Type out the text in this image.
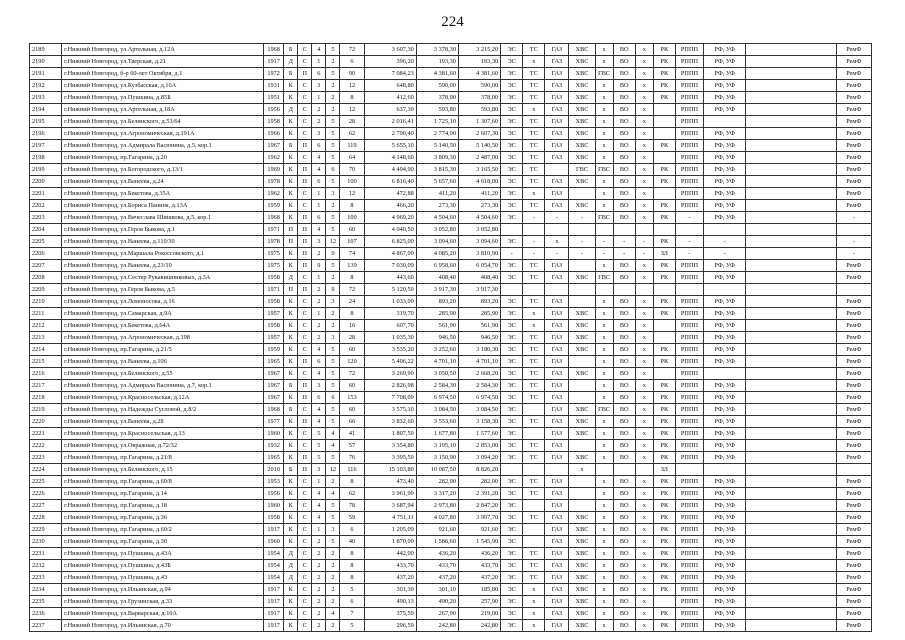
224
2189	г.Нижний Новгород, ул.Артельная, д.12А	1968	Б	С	4	5	72	3 607,30	3 378,30	3 215,20	ЭС	ТС	ГАЗ	ХВС	х	ВО	х	РК	РППП	РФ, УФ		РемФ
2190	г.Нижний Новгород, ул.Тверская, д.21	1917	Д	С	1	2	6	396,20	193,30	193,30	ЭС	х	ГАЗ	ХВС	х	ВО	х	РК	РППП	РФ, УФ		РемФ
2191	г.Нижний Новгород, б-р 60-лет Октября, д.1	1972	Б	П	6	5	90	7 084,23	4 381,60	4 381,60	ЭС	ТС	ГАЗ	ХВС	ГВС	ВО	х	РК	РППП	РФ, УФ		РемФ
2192	г.Нижний Новгород, ул.Кузбасская, д.10А	1931	К	С	3	2	12	648,80	590,00	590,00	ЭС	ТС	ГАЗ	ХВС	х	ВО	х	РК	РППП	РФ, УФ		РемФ
2193	г.Нижний Новгород, ул.Пушкина, д.85Б	1951	К	С	1	2	8	412,60	378,00	378,00	ЭС	ТС	ГАЗ	ХВС	х	ВО	х	РК	РППП	РФ, УФ		РемФ
2194	г.Нижний Новгород, ул.Артельная, д.18А	1956	Д	С	2	2	12	637,30	593,80	593,80	ЭС	х	ГАЗ	ХВС	х	ВО	х		РППП	РФ, УФ		РемФ
2195	г.Нижний Новгород, ул.Белинского, д.53/64	1958	К	С	2	5	28	2 016,41	1 725,10	1 307,60	ЭС	ТС	ГАЗ	ХВС	х	ВО	х		РППП			РемФ
2196	г.Нижний Новгород, ул.Агрономическая, д.191А	1966	К	С	3	5	62	2 790,40	2 774,90	2 607,30	ЭС	ТС	ГАЗ	ХВС	х	ВО	х		РППП	РФ, УФ		РемФ
2197	г.Нижний Новгород, ул.Адмирала Васюнина, д.5, кор.1	1967	Б	П	6	5	119	5 655,10	5 140,50	5 140,50	ЭС	ТС	ГАЗ	ХВС	х	ВО	х	РК	РППП	РФ, УФ		РемФ
2198	г.Нижний Новгород, пр.Гагарина, д.20	1962	К	С	4	5	64	4 148,60	3 809,30	2 487,00	ЭС	ТС	ГАЗ	ХВС	х	ВО	х		РППП	РФ, УФ		РемФ
2199	г.Нижний Новгород, ул.Богородского, д.13/1	1969	К	П	4	6	70	4 494,90	3 815,30	3 165,50	ЭС	ТС		ГВС	ГВС	ВО	х	РК	РППП	РФ, УФ		РемФ
2200	г.Нижний Новгород, ул.Ванеева, д.24	1978	К	П	6	5	100	6 816,40	5 657,60	4 618,00	ЭС	ТС	ГАЗ	ХВС	х	ВО	х	РК	РППП	РФ, УФ		РемФ
2201	г.Нижний Новгород, ул.Бекетова, д.35А	1962	К	С	1	3	12	472,88	411,20	411,20	ЭС	х	ГАЗ		х	ВО	х		РППП	РФ, УФ		РемФ
2202	г.Нижний Новгород, ул.Бориса Панина, д.13А	1959	К	С	1	2	8	466,20	273,30	273,30	ЭС	ТС	ГАЗ	ХВС	х	ВО	х	РК	РППП	РФ, УФ		РемФ
2203	г.Нижний Новгород, ул.Вячеслава Шишкова, д.5, кор.1	1968	К	П	6	5	100	4 969,20	4 504,60	4 504,60	ЭС	-	-	-	ГВС	ВО	х	РК	-	РФ, УФ		-
2204	г.Нижний Новгород, ул.Героя Быкова, д.1	1971	П	П	4	5	60	4 040,50	3 052,80	3 052,80												
2205	г.Нижний Новгород, ул.Ванеева, д.110/30	1978	П	П	3	12	107	6 825,00	3 094,60	3 094,60	ЭС	-	х	-	-	-	-	РК	-	-		-
2206	г.Нижний Новгород, ул.Маршала Рокоссовского, д.1	1975	К	П	2	9	74	4 867,00	4 085,20	3 810,90	-	-	-	-	-	-	-	ЗЛ	-	-		-
2207	г.Нижний Новгород, ул.Ванеева, д.23/10	1975	К	П	9	5	139	7 030,09	6 958,60	6 054,70	ЭС	ТС	ГАЗ		х	ВО	х	РК	РППП	РФ, УФ		РемФ
2208	г.Нижний Новгород, ул.Сестер Рукавишниковых, д.3А	1958	Д	С	1	2	8	443,60	408,40	408,40	ЭС	ТС	ГАЗ	ХВС	ГВС	ВО	х	РК	РППП	РФ, УФ		РемФ
2209	г.Нижний Новгород, ул.Героя Быкова, д.5	1971	П	П	2	9	72	5 120,50	3 917,30	3 917,30												
2210	г.Нижний Новгород, ул.Ломоносова, д.16	1958	К	С	2	3	24	1 033,00	893,20	893,20	ЭС	ТС	ГАЗ		х	ВО	х	РК	РППП	РФ, УФ		РемФ
2211	г.Нижний Новгород, ул.Самарская, д.9А	1957	К	С	1	2	8	319,70	285,90	285,90	ЭС	х	ГАЗ	ХВС	х	ВО	х	РК	РППП	РФ, УФ		РемФ
2212	г.Нижний Новгород, ул.Бекетова, д.64А	1958	К	С	2	2	16	607,70	561,90	561,90	ЭС	х	ГАЗ	ХВС	х	ВО	х		РППП	РФ, УФ		РемФ
2213	г.Нижний Новгород, ул.Агрономическая, д.198	1957	К	С	2	3	28	1 035,30	946,50	946,50	ЭС	ТС	ГАЗ	ХВС	х	ВО	х		РППП	РФ, УФ		РемФ
2214	г.Нижний Новгород, пр.Гагарина, д.21/5	1959	К	С	4	5	60	3 535,20	3 252,60	3 180,30	ЭС	ТС	ГАЗ	ХВС	х	ВО	х	РК	РППП	РФ, УФ		РемФ
2215	г.Нижний Новгород, ул.Ванеева, д.106	1965	К	П	6	5	120	5 406,22	4 701,10	4 701,10	ЭС	ТС	ГАЗ		х	ВО	х	РК	РППП	РФ, УФ		РемФ
2216	г.Нижний Новгород, ул.Белинского, д.55	1967	К	С	4	5	72	3 269,90	3 050,50	2 668,20	ЭС	ТС	ГАЗ	ХВС	х	ВО	х		РППП			РемФ
2217	г.Нижний Новгород, ул.Адмирала Васюнина, д.7, кор.1	1967	Б	П	3	5	60	2 826,98	2 584,30	2 584,30	ЭС	ТС	ГАЗ		х	ВО	х	РК	РППП	РФ, УФ		РемФ
2218	г.Нижний Новгород, ул.Красносельская, д.12А	1967	К	П	6	6	153	7 708,09	6 974,50	6 974,50	ЭС	ТС	ГАЗ		х	ВО	х	РК	РППП	РФ, УФ		РемФ
2219	г.Нижний Новгород, ул.Надежды Сусловой, д.8/2	1968	Б	С	4	5	60	3 575,10	3 084,50	3 084,50	ЭС		ГАЗ	ХВС	ГВС	ВО	х	РК	РППП	РФ, УФ		РемФ
2220	г.Нижний Новгород, ул.Ванеева, д.28	1977	К	П	4	5	66	3 832,60	3 553,60	3 158,30	ЭС	ТС	ГАЗ	ХВС	х	ВО	х	РК	РППП	РФ, УФ		РемФ
2221	г.Нижний Новгород, ул.Красносельская, д.13	1960	К	С	5	4	41	1 807,50	1 677,80	1 577,60	ЭС		ГАЗ	ХВС	х	ВО	х	РК	РППП	РФ, УФ		РемФ
2222	г.Нижний Новгород, ул.Овражная, д.72/32	1932	К	С	5	4	57	3 354,80	3 195,10	2 853,00	ЭС	ТС	ГАЗ		х	ВО	х	РК	РППП	РФ, УФ		РемФ
2223	г.Нижний Новгород, пр.Гагарина, д.21/8	1965	К	П	5	5	76	3 395,50	3 150,90	3 094,20	ЭС	ТС	ГАЗ	ХВС	х	ВО	х	РК	РППП	РФ, УФ		РемФ
2224	г.Нижний Новгород, ул.Белинского, д.15	2010	Б	П	3	12	116	15 103,80	10 087,50	8 826,20				х				ЗЛ				
2225	г.Нижний Новгород, пр.Гагарина, д.60/8	1953	К	С	1	2	8	473,40	282,00	282,00	ЭС	ТС	ГАЗ		х	ВО	х	РК	РППП	РФ, УФ		РемФ
2226	г.Нижний Новгород, пр.Гагарина, д.14	1956	К	С	4	4	62	3 961,99	3 317,20	2 391,20	ЭС	ТС	ГАЗ		х	ВО	х	РК	РППП	РФ, УФ		РемФ
2227	г.Нижний Новгород, пр.Гагарина, д.18	1960	К	С	4	5	78	3 687,94	2 973,80	2 847,20	ЭС		ГАЗ		х	ВО	х	РК	РППП	РФ, УФ		РемФ
2228	г.Нижний Новгород, пр.Гагарина, д.36	1958	К	С	4	5	59	4 751,11	4 027,80	3 997,70	ЭС	ТС	ГАЗ	ХВС	х	ВО	х	РК	РППП	РФ, УФ		РемФ
2229	г.Нижний Новгород, пр.Гагарина, д.60/2	1917	К	С	1	3	6	1 205,09	921,60	921,60	ЭС		ГАЗ	ХВС	х	ВО	х	РК	РППП	РФ, УФ		РемФ
2230	г.Нижний Новгород, пр.Гагарина, д.30	1960	К	С	2	5	40	1 870,00	1 586,60	1 545,90	ЭС		ГАЗ	ХВС	х	ВО	х	РК	РППП	РФ, УФ		РемФ
2231	г.Нижний Новгород, ул.Пушкина, д.43А	1954	Д	С	2	2	8	442,00	436,20	436,20	ЭС	ТС	ГАЗ	ХВС	х	ВО	х	РК	РППП	РФ, УФ		РемФ
2232	г.Нижний Новгород, ул.Пушкина, д.43Б	1954	Д	С	2	2	8	433,70	433,70	433,70	ЭС	ТС	ГАЗ	ХВС	х	ВО	х	РК	РППП	РФ, УФ		РемФ
2233	г.Нижний Новгород, ул.Пушкина, д.43	1954	Д	С	2	2	8	437,20	437,20	437,20	ЭС	ТС	ГАЗ	ХВС	х	ВО	х	РК	РППП	РФ, УФ		РемФ
2234	г.Нижний Новгород, ул.Ильинская, д.94	1917	К	С	2	2	5	301,30	301,10	185,80	ЭС	х	ГАЗ	ХВС	х	ВО	х	РК	РППП	РФ, УФ		РемФ
2235	г.Нижний Новгород, ул.Грузинская, д.33	1917	К	С	2	2	6	490,13	490,20	257,90	ЭС	х	ГАЗ	ХВС	х	ВО	х		РППП	РФ, УФ		РемФ
2236	г.Нижний Новгород, ул.Варварская, д.10А	1917	К	С	2	4	7	375,59	267,90	219,00	ЭС	х	ГАЗ	ХВС	х	ВО	х	РК	РППП	РФ, УФ		РемФ
2237	г.Нижний Новгород, ул.Ильинская, д.70	1917	К	С	2	2	5	296,59	242,80	242,80	ЭС	х	ГАЗ	ХВС	х	ВО	х	РК	РППП	РФ, УФ		РемФ
